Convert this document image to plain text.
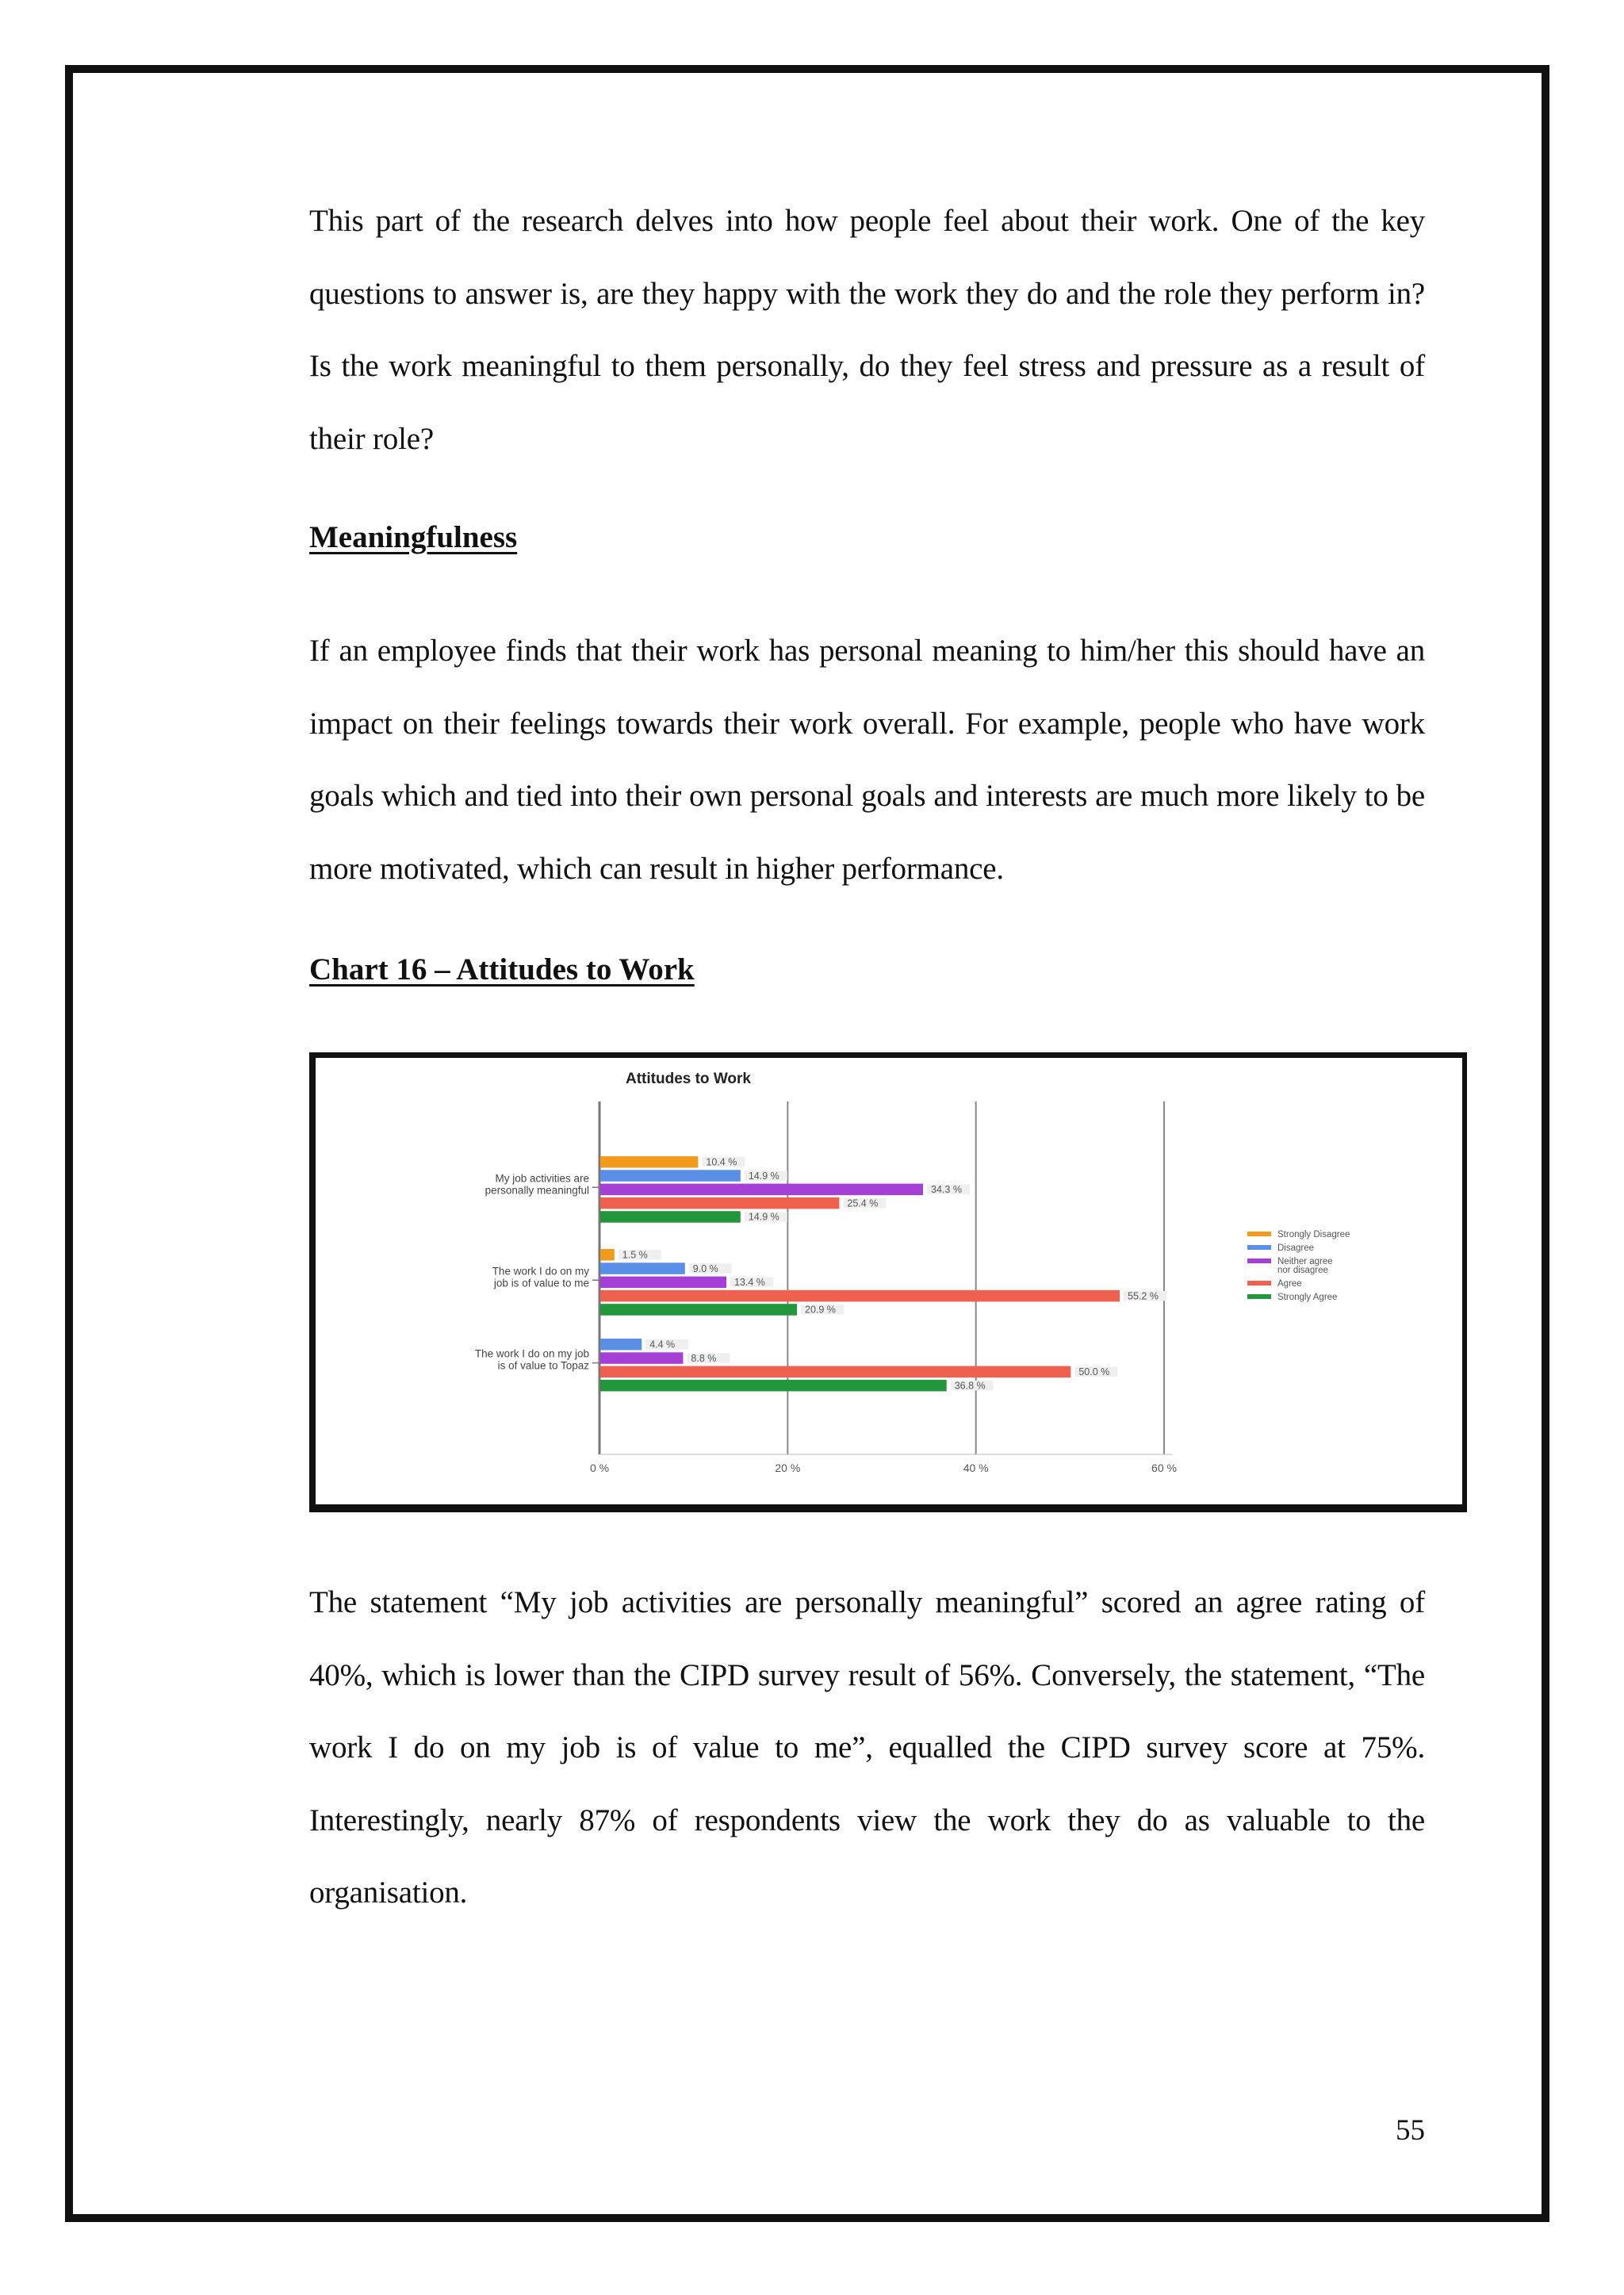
This part of the research delves into how people feel about their work. One of the key questions to answer is, are they happy with the work they do and the role they perform in? Is the work meaningful to them personally, do they feel stress and pressure as a result of their role?

Meaningfulness

If an employee finds that their work has personal meaning to him/her this should have an impact on their feelings towards their work overall. For example, people who have work goals which and tied into their own personal goals and interests are much more likely to be more motivated, which can result in higher performance.

Chart 16 – Attitudes to Work
Attitudes to Work
0 %	20 %	40 %	60 %
My job activities are
personally meaningful
10.4 %
14.9 %
34.3 %
25.4 %
14.9 %
The work I do on my
job is of value to me
1.5 %
9.0 %
13.4 %
55.2 %
20.9 %
The work I do on my job
is of value to Topaz
4.4 %
8.8 %
50.0 %
36.8 %
Strongly Disagree
Disagree
Neither agree
nor disagree
Agree
Strongly Agree

The statement “My job activities are personally meaningful” scored an agree rating of 40%, which is lower than the CIPD survey result of 56%. Conversely, the statement, “The work I do on my job is of value to me”, equalled the CIPD survey score at 75%. Interestingly, nearly 87% of respondents view the work they do as valuable to the organisation.

55
